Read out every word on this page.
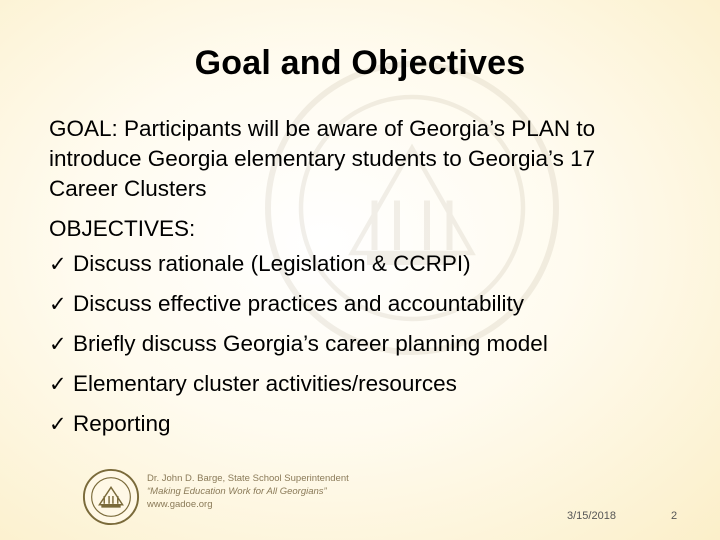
Goal and Objectives
GOAL: Participants will be aware of Georgia’s PLAN to
introduce Georgia elementary students to Georgia’s 17
Career Clusters
OBJECTIVES:
✓ Discuss rationale (Legislation & CCRPI)
✓ Discuss effective practices and accountability
✓ Briefly discuss Georgia’s career planning model
✓ Elementary cluster activities/resources
✓ Reporting
Dr. John D. Barge, State School Superintendent
“Making Education Work for All Georgians”
www.gadoe.org
3/15/2018	2
